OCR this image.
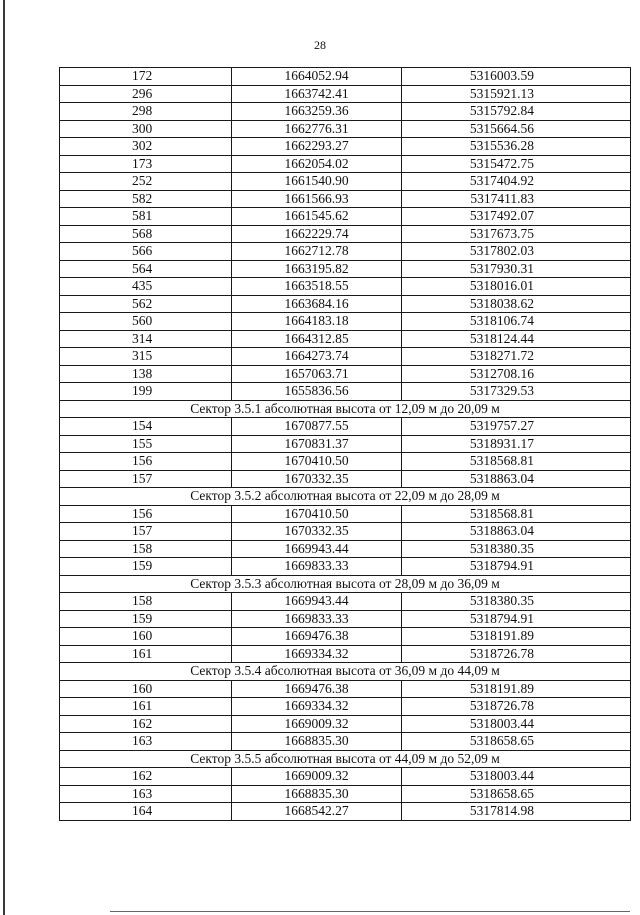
28
172	1664052.94	5316003.59
296	1663742.41	5315921.13
298	1663259.36	5315792.84
300	1662776.31	5315664.56
302	1662293.27	5315536.28
173	1662054.02	5315472.75
252	1661540.90	5317404.92
582	1661566.93	5317411.83
581	1661545.62	5317492.07
568	1662229.74	5317673.75
566	1662712.78	5317802.03
564	1663195.82	5317930.31
435	1663518.55	5318016.01
562	1663684.16	5318038.62
560	1664183.18	5318106.74
314	1664312.85	5318124.44
315	1664273.74	5318271.72
138	1657063.71	5312708.16
199	1655836.56	5317329.53
Сектор 3.5.1 абсолютная высота от 12,09 м до 20,09 м		
154	1670877.55	5319757.27
155	1670831.37	5318931.17
156	1670410.50	5318568.81
157	1670332.35	5318863.04
Сектор 3.5.2 абсолютная высота от 22,09 м до 28,09 м		
156	1670410.50	5318568.81
157	1670332.35	5318863.04
158	1669943.44	5318380.35
159	1669833.33	5318794.91
Сектор 3.5.3 абсолютная высота от 28,09 м до 36,09 м		
158	1669943.44	5318380.35
159	1669833.33	5318794.91
160	1669476.38	5318191.89
161	1669334.32	5318726.78
Сектор 3.5.4 абсолютная высота от 36,09 м до 44,09 м		
160	1669476.38	5318191.89
161	1669334.32	5318726.78
162	1669009.32	5318003.44
163	1668835.30	5318658.65
Сектор 3.5.5 абсолютная высота от 44,09 м до 52,09 м		
162	1669009.32	5318003.44
163	1668835.30	5318658.65
164	1668542.27	5317814.98
